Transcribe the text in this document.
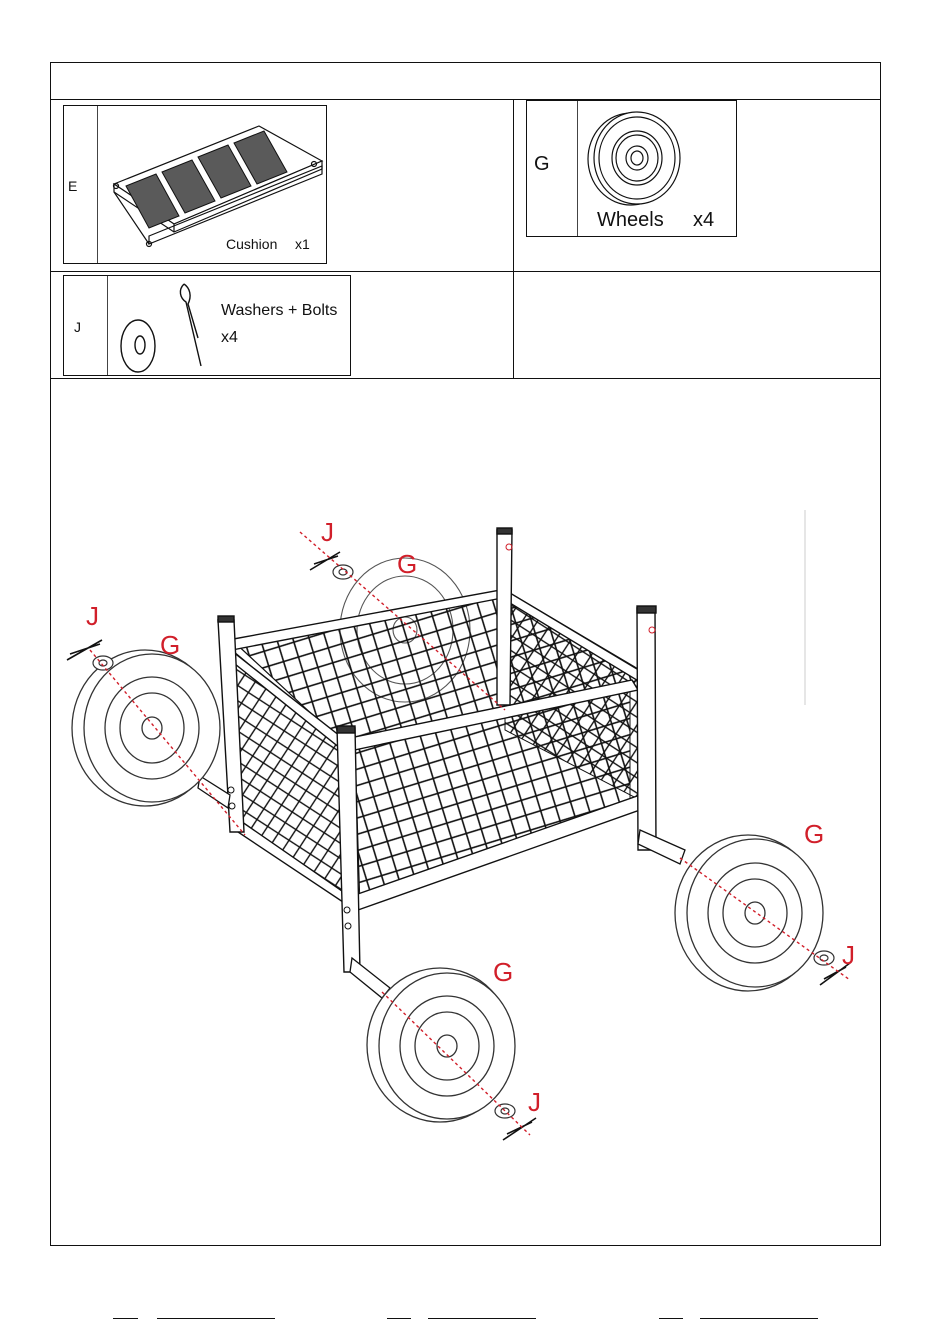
E
Cushion x1
G
Wheels x4
J
Washers + Bolts
x4
J
G
J
G
G
J
G
J
